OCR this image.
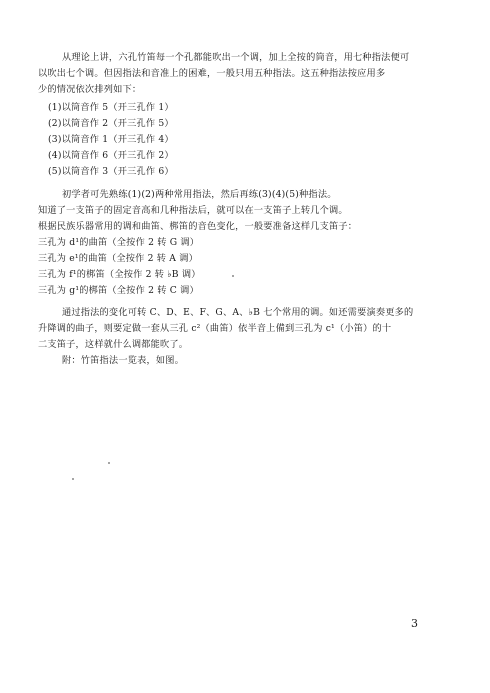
从理论上讲，六孔竹笛每一个孔都能吹出一个调，加上全按的筒音，用七种指法便可
以吹出七个调。但因指法和音准上的困难，一般只用五种指法。这五种指法按应用多
少的情况依次排列如下：
(1)以筒音作 5（开三孔作 1）
(2)以筒音作 2（开三孔作 5）
(3)以筒音作 1（开三孔作 4）
(4)以筒音作 6（开三孔作 2）
(5)以筒音作 3（开三孔作 6）
初学者可先熟练(1)(2)两种常用指法，然后再练(3)(4)(5)种指法。
知道了一支笛子的固定音高和几种指法后，就可以在一支笛子上转几个调。
根据民族乐器常用的调和曲笛、梆笛的音色变化，一般要准备这样几支笛子：
三孔为 d¹的曲笛（全按作 2 转 G 调）
三孔为 e¹的曲笛（全按作 2 转 A 调）
三孔为 f¹的梆笛（全按作 2 转 ♭B 调）
三孔为 g¹的梆笛（全按作 2 转 C 调）
通过指法的变化可转 C、D、E、F、G、A、♭B 七个常用的调。如还需要演奏更多的
升降调的曲子，则要定做一套从三孔 c²（曲笛）依半音上備到三孔为 c¹（小笛）的十
二支笛子，这样就什么调都能吹了。
附：竹笛指法一览表，如图。
3
